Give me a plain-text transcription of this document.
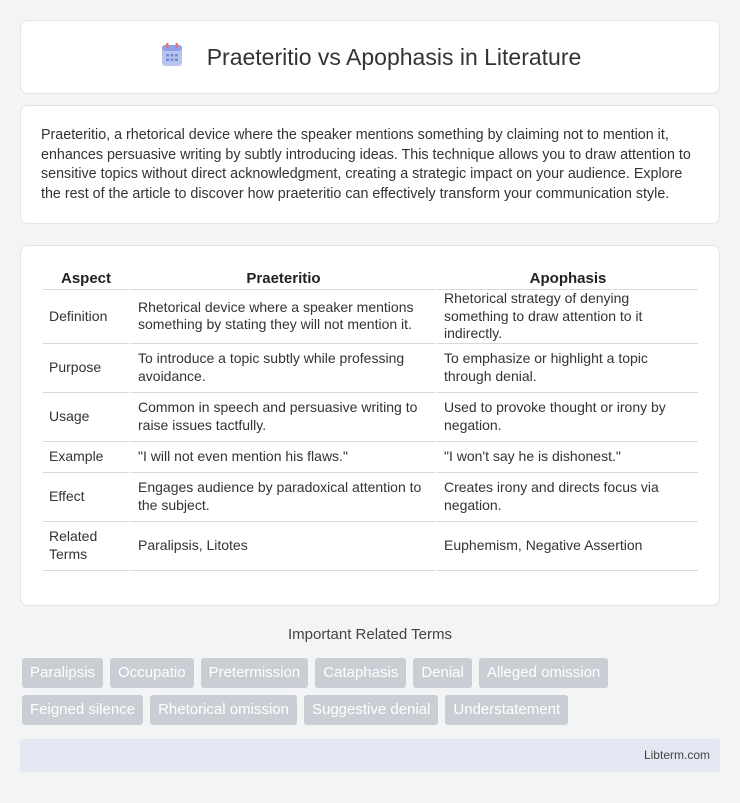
Praeteritio vs Apophasis in Literature

Praeteritio, a rhetorical device where the speaker mentions something by claiming not to mention it, enhances persuasive writing by subtly introducing ideas. This technique allows you to draw attention to sensitive topics without direct acknowledgment, creating a strategic impact on your audience. Explore the rest of the article to discover how praeteritio can effectively transform your communication style.

Aspect	Praeteritio	Apophasis
Definition	Rhetorical device where a speaker mentions something by stating they will not mention it.	Rhetorical strategy of denying something to draw attention to it indirectly.
Purpose	To introduce a topic subtly while professing avoidance.	To emphasize or highlight a topic through denial.
Usage	Common in speech and persuasive writing to raise issues tactfully.	Used to provoke thought or irony by negation.
Example	"I will not even mention his flaws."	"I won't say he is dishonest."
Effect	Engages audience by paradoxical attention to the subject.	Creates irony and directs focus via negation.
Related Terms	Paralipsis, Litotes	Euphemism, Negative Assertion
Important Related Terms
Paralipsis	Occupatio	Pretermission	Cataphasis	Denial	Alleged omission
Feigned silence	Rhetorical omission	Suggestive denial	Understatement
Libterm.com
